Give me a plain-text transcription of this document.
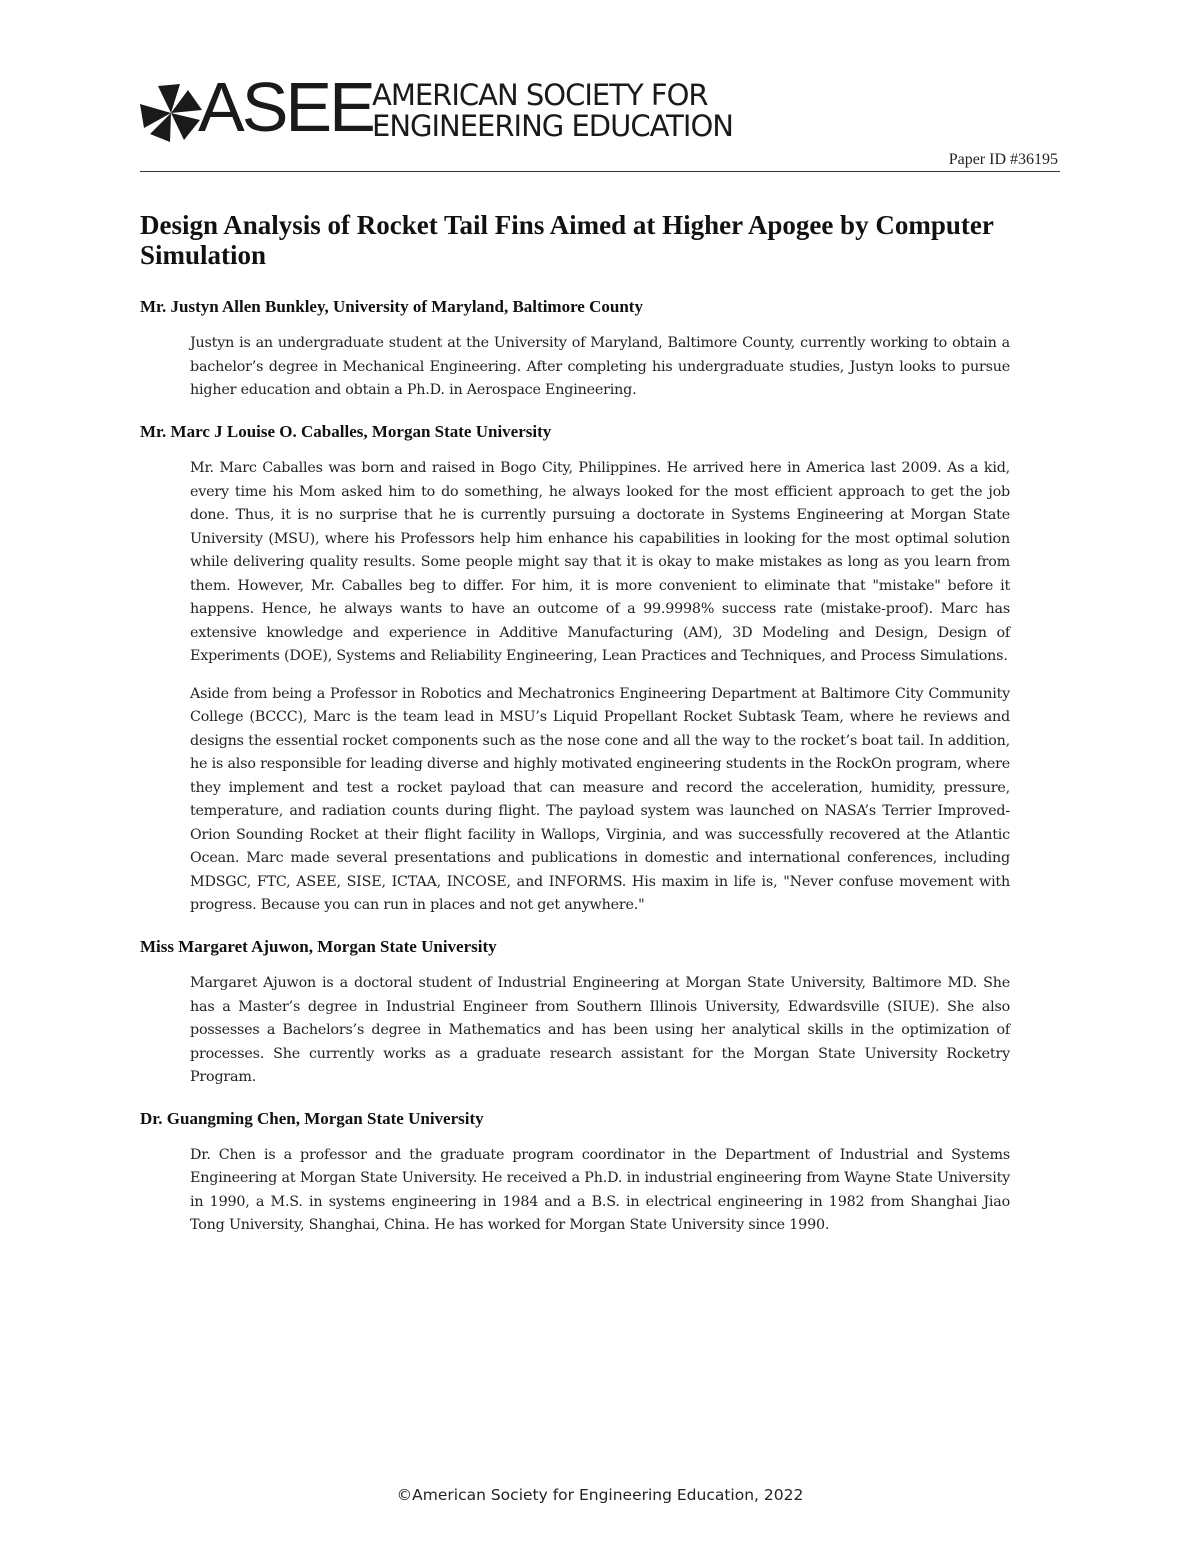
ASEE AMERICAN SOCIETY FOR
ENGINEERING EDUCATION
Paper ID #36195
Design Analysis of Rocket Tail Fins Aimed at Higher Apogee by Computer Simulation
Mr. Justyn Allen Bunkley, University of Maryland, Baltimore County

Justyn is an undergraduate student at the University of Maryland, Baltimore County, currently working to obtain a bachelor’s degree in Mechanical Engineering. After completing his undergraduate studies, Justyn looks to pursue higher education and obtain a Ph.D. in Aerospace Engineering.

Mr. Marc J Louise O. Caballes, Morgan State University

Mr. Marc Caballes was born and raised in Bogo City, Philippines. He arrived here in America last 2009. As a kid, every time his Mom asked him to do something, he always looked for the most efficient approach to get the job done. Thus, it is no surprise that he is currently pursuing a doctorate in Systems Engineering at Morgan State University (MSU), where his Professors help him enhance his capabilities in looking for the most optimal solution while delivering quality results. Some people might say that it is okay to make mistakes as long as you learn from them. However, Mr. Caballes beg to differ. For him, it is more convenient to eliminate that "mistake" before it happens. Hence, he always wants to have an outcome of a 99.9998% success rate (mistake-proof). Marc has extensive knowledge and experience in Additive Manufacturing (AM), 3D Modeling and Design, Design of Experiments (DOE), Systems and Reliability Engineering, Lean Practices and Techniques, and Process Simulations.

Aside from being a Professor in Robotics and Mechatronics Engineering Department at Baltimore City Community College (BCCC), Marc is the team lead in MSU’s Liquid Propellant Rocket Subtask Team, where he reviews and designs the essential rocket components such as the nose cone and all the way to the rocket’s boat tail. In addition, he is also responsible for leading diverse and highly motivated engineering students in the RockOn program, where they implement and test a rocket payload that can measure and record the acceleration, humidity, pressure, temperature, and radiation counts during flight. The payload system was launched on NASA’s Terrier Improved-Orion Sounding Rocket at their flight facility in Wallops, Virginia, and was successfully recovered at the Atlantic Ocean. Marc made several presentations and publications in domestic and international conferences, including MDSGC, FTC, ASEE, SISE, ICTAA, INCOSE, and INFORMS. His maxim in life is, "Never confuse movement with progress. Because you can run in places and not get anywhere."

Miss Margaret Ajuwon, Morgan State University

Margaret Ajuwon is a doctoral student of Industrial Engineering at Morgan State University, Baltimore MD. She has a Master’s degree in Industrial Engineer from Southern Illinois University, Edwardsville (SIUE). She also possesses a Bachelors’s degree in Mathematics and has been using her analytical skills in the optimization of processes. She currently works as a graduate research assistant for the Morgan State University Rocketry Program.

Dr. Guangming Chen, Morgan State University

Dr. Chen is a professor and the graduate program coordinator in the Department of Industrial and Systems Engineering at Morgan State University. He received a Ph.D. in industrial engineering from Wayne State University in 1990, a M.S. in systems engineering in 1984 and a B.S. in electrical engineering in 1982 from Shanghai Jiao Tong University, Shanghai, China. He has worked for Morgan State University since 1990.

©American Society for Engineering Education, 2022
